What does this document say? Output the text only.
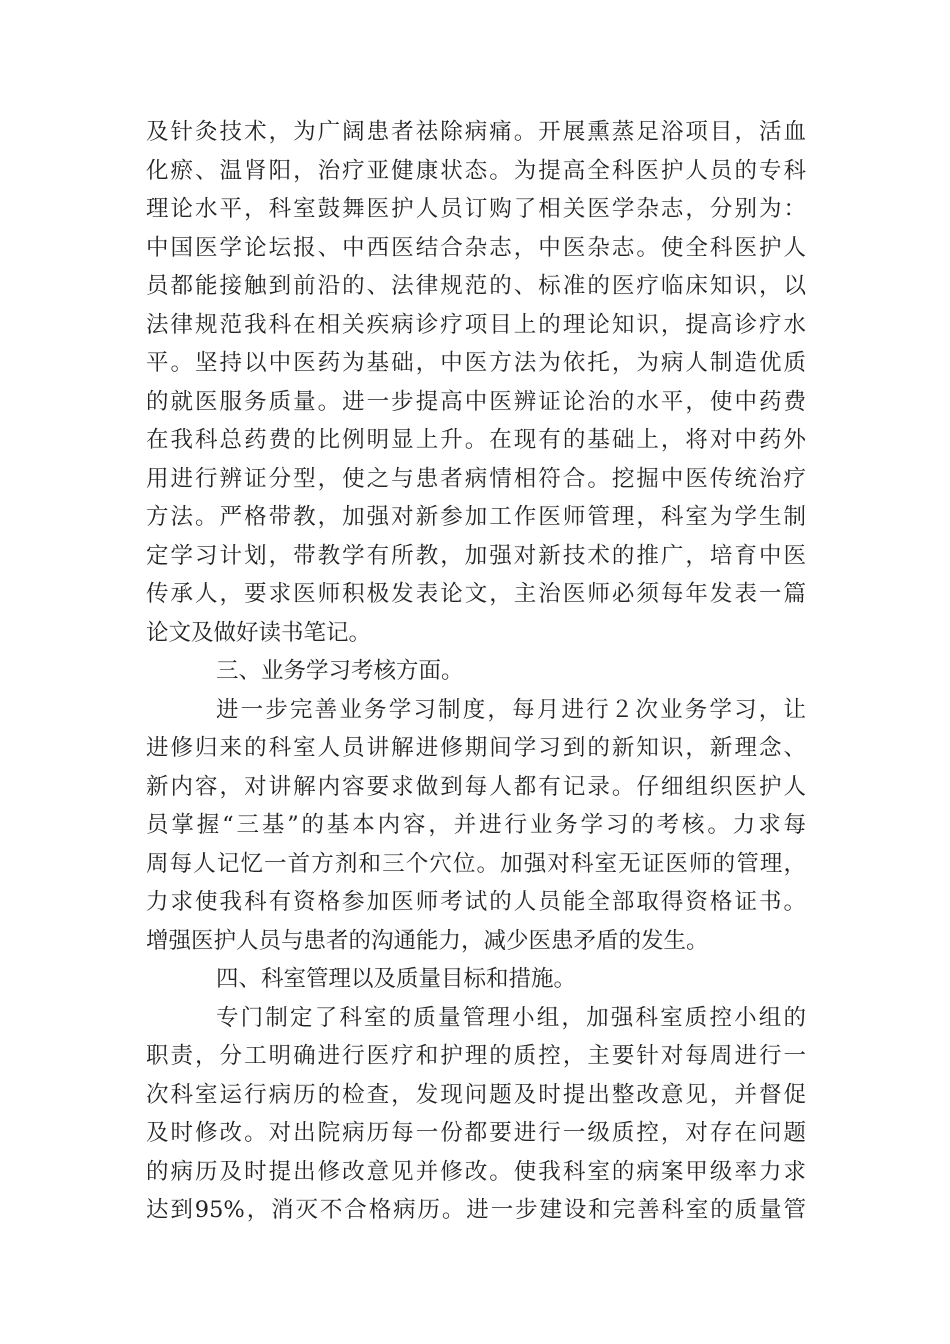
及针灸技术，为广阔患者祛除病痛。开展熏蒸足浴项目，活血
化瘀、温肾阳，治疗亚健康状态。为提高全科医护人员的专科
理论水平，科室鼓舞医护人员订购了相关医学杂志，分别为：
中国医学论坛报、中西医结合杂志，中医杂志。使全科医护人
员都能接触到前沿的、法律规范的、标准的医疗临床知识，以
法律规范我科在相关疾病诊疗项目上的理论知识，提高诊疗水
平。坚持以中医药为基础，中医方法为依托，为病人制造优质
的就医服务质量。进一步提高中医辨证论治的水平，使中药费
在我科总药费的比例明显上升。在现有的基础上，将对中药外
用进行辨证分型，使之与患者病情相符合。挖掘中医传统治疗
方法。严格带教，加强对新参加工作医师管理，科室为学生制
定学习计划，带教学有所教，加强对新技术的推广，培育中医
传承人，要求医师积极发表论文，主治医师必须每年发表一篇
论文及做好读书笔记。
三、业务学习考核方面。
进一步完善业务学习制度，每月进行２次业务学习，让
进修归来的科室人员讲解进修期间学习到的新知识，新理念、
新内容，对讲解内容要求做到每人都有记录。仔细组织医护人
员掌握“三基”的基本内容，并进行业务学习的考核。力求每
周每人记忆一首方剂和三个穴位。加强对科室无证医师的管理，
力求使我科有资格参加医师考试的人员能全部取得资格证书。
增强医护人员与患者的沟通能力，减少医患矛盾的发生。
四、科室管理以及质量目标和措施。
专门制定了科室的质量管理小组，加强科室质控小组的
职责，分工明确进行医疗和护理的质控，主要针对每周进行一
次科室运行病历的检查，发现问题及时提出整改意见，并督促
及时修改。对出院病历每一份都要进行一级质控，对存在问题
的病历及时提出修改意见并修改。使我科室的病案甲级率力求
达到95%，消灭不合格病历。进一步建设和完善科室的质量管
